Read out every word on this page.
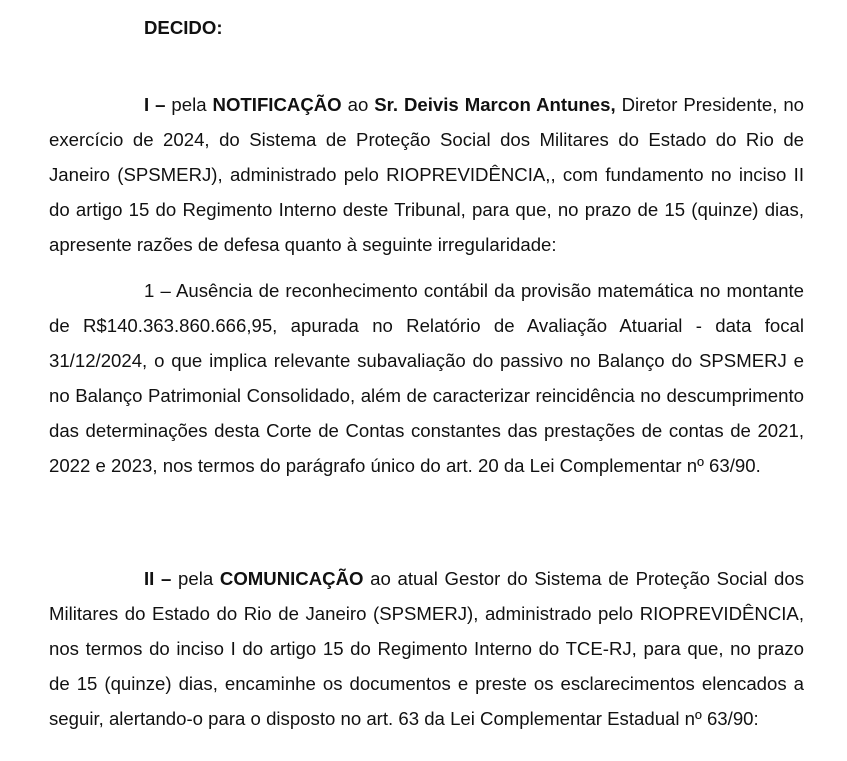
DECIDO:

I – pela NOTIFICAÇÃO ao Sr. Deivis Marcon Antunes, Diretor Presidente, no exercício de 2024, do Sistema de Proteção Social dos Militares do Estado do Rio de Janeiro (SPSMERJ), administrado pelo RIOPREVIDÊNCIA,, com fundamento no inciso II do artigo 15 do Regimento Interno deste Tribunal, para que, no prazo de 15 (quinze) dias, apresente razões de defesa quanto à seguinte irregularidade:

1 – Ausência de reconhecimento contábil da provisão matemática no montante de R$140.363.860.666,95, apurada no Relatório de Avaliação Atuarial - data focal 31/12/2024, o que implica relevante subavaliação do passivo no Balanço do SPSMERJ e no Balanço Patrimonial Consolidado, além de caracterizar reincidência no descumprimento das determinações desta Corte de Contas constantes das prestações de contas de 2021, 2022 e 2023, nos termos do parágrafo único do art. 20 da Lei Complementar nº 63/90.

II – pela COMUNICAÇÃO ao atual Gestor do Sistema de Proteção Social dos Militares do Estado do Rio de Janeiro (SPSMERJ), administrado pelo RIOPREVIDÊNCIA, nos termos do inciso I do artigo 15 do Regimento Interno do TCE-RJ, para que, no prazo de 15 (quinze) dias, encaminhe os documentos e preste os esclarecimentos elencados a seguir, alertando-o para o disposto no art. 63 da Lei Complementar Estadual nº 63/90:
